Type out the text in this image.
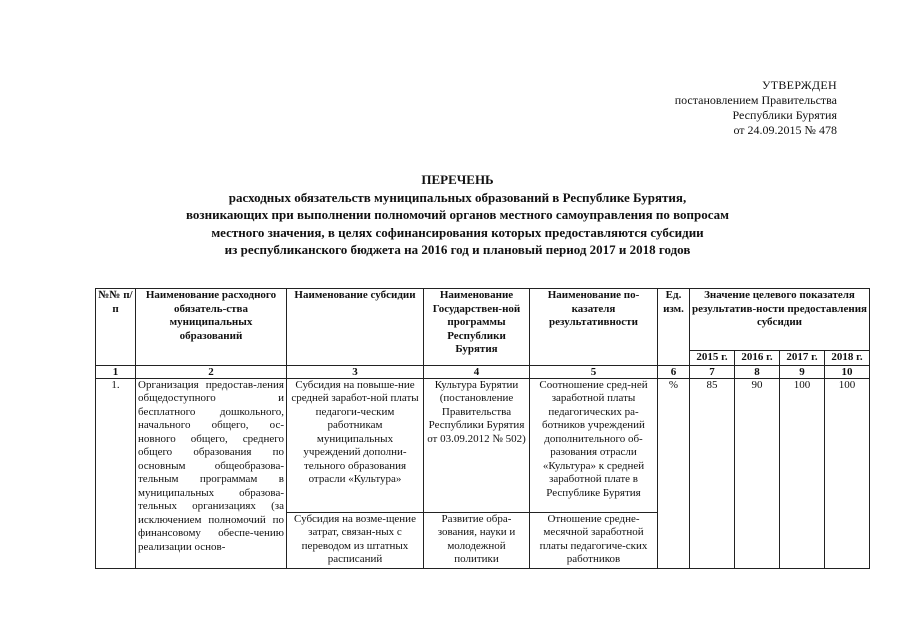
УТВЕРЖДЕН
постановлением Правительства
Республики Бурятия
от 24.09.2015 № 478
ПЕРЕЧЕНЬ
расходных обязательств муниципальных образований в Республике Бурятия,
возникающих при выполнении полномочий органов местного самоуправления по вопросам
местного значения, в целях софинансирования которых предоставляются субсидии
из республиканского бюджета на 2016 год и плановый период 2017 и 2018 годов
№№ п/п	Наименование расходного обязатель-ства муниципальных образований	Наименование субсидии	Наименование Государствен-ной программы Республики Бурятия	Наименование по-казателя результативности	Ед. изм.	Значение целевого показателя результатив-ности предоставления субсидии			
						2015 г.	2016 г.	2017 г.	2018 г.
1	2	3	4	5	6	7	8	9	10
1.	Организация предостав-ления общедоступного и бесплатного дошкольного, начального общего, ос-новного общего, среднего общего образования по основным общеобразова-тельным программам в муниципальных образова-тельных организациях (за исключением полномочий по финансовому обеспе-чению реализации основ-	Субсидия на повыше-ние средней заработ-ной платы педагоги-ческим работникам муниципальных учреждений дополни-тельного образования отрасли «Культура»	Культура Бурятии (постановление Правительства Республики Бурятия от 03.09.2012 № 502)	Соотношение сред-ней заработной платы педагогических ра-ботников учреждений дополнительного об-разования отрасли «Культура» к средней заработной плате в Республике Бурятия	%	85	90	100	100
		Субсидия на возме-щение затрат, связан-ных с переводом из штатных расписаний	Развитие обра-зования, науки и молодежной политики	Отношение средне-месячной заработной платы педагогиче-ских работников					
